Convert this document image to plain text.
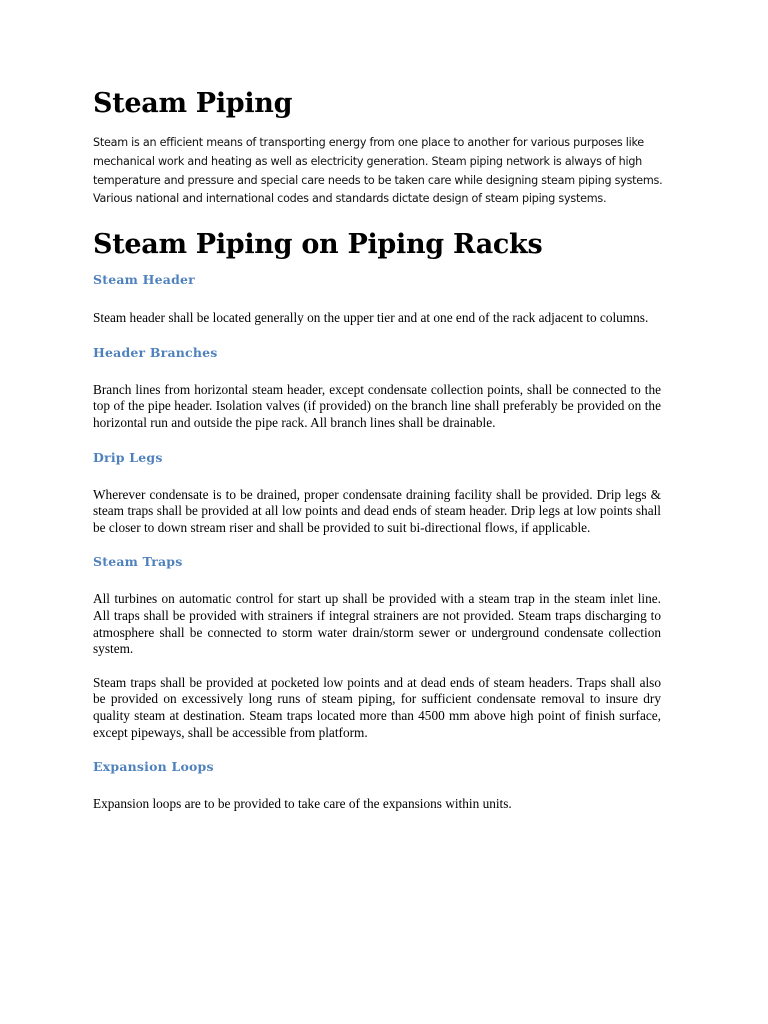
Steam Piping

Steam is an efficient means of transporting energy from one place to another for various purposes like mechanical work and heating as well as electricity generation. Steam piping network is always of high temperature and pressure and special care needs to be taken care while designing steam piping systems. Various national and international codes and standards dictate design of steam piping systems.

Steam Piping on Piping Racks
Steam Header

Steam header shall be located generally on the upper tier and at one end of the rack adjacent to columns.

Header Branches

Branch lines from horizontal steam header, except condensate collection points, shall be connected to the top of the pipe header. Isolation valves (if provided) on the branch line shall preferably be provided on the horizontal run and outside the pipe rack. All branch lines shall be drainable.

Drip Legs

Wherever condensate is to be drained, proper condensate draining facility shall be provided. Drip legs & steam traps shall be provided at all low points and dead ends of steam header. Drip legs at low points shall be closer to down stream riser and shall be provided to suit bi-directional flows, if applicable.

Steam Traps

All turbines on automatic control for start up shall be provided with a steam trap in the steam inlet line. All traps shall be provided with strainers if integral strainers are not provided. Steam traps discharging to atmosphere shall be connected to storm water drain/storm sewer or underground condensate collection system.

Steam traps shall be provided at pocketed low points and at dead ends of steam headers. Traps shall also be provided on excessively long runs of steam piping, for sufficient condensate removal to insure dry quality steam at destination. Steam traps located more than 4500 mm above high point of finish surface, except pipeways, shall be accessible from platform.

Expansion Loops

Expansion loops are to be provided to take care of the expansions within units.
